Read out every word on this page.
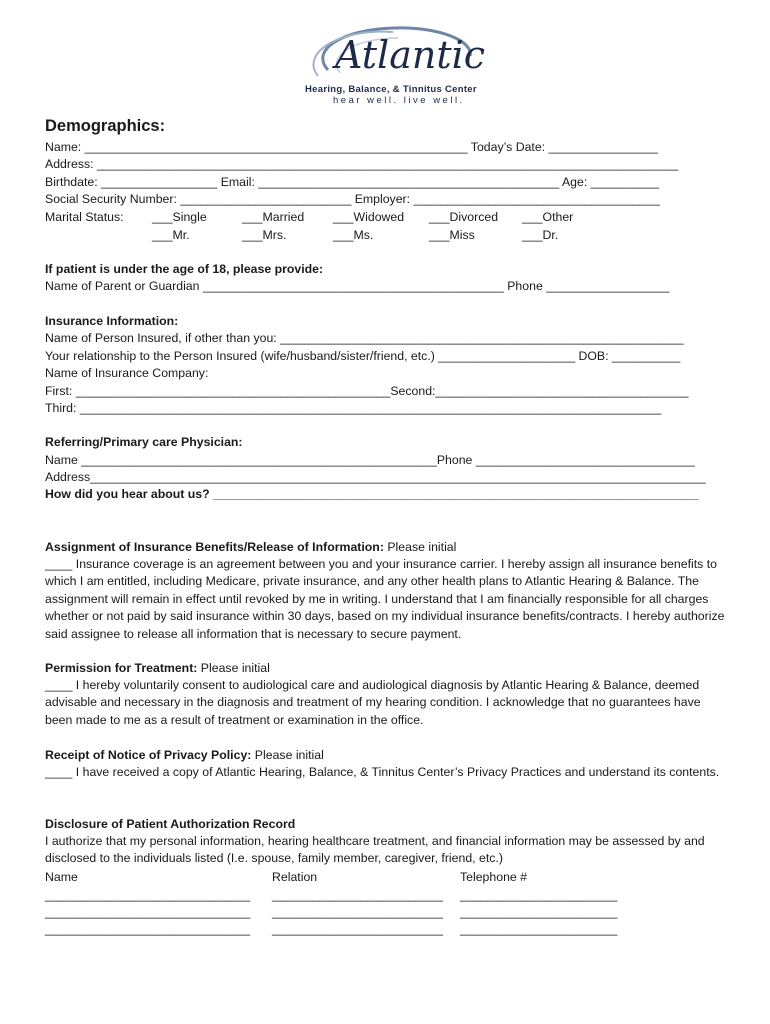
Atlantic
Hearing, Balance, & Tinnitus Center
hear well. live well.
Demographics:
Name: ________________________________________________________ Today’s Date: ________________
Address: _____________________________________________________________________________________
Birthdate: _________________ Email: ____________________________________________ Age: __________
Social Security Number: _________________________ Employer: ____________________________________
Marital Status: ___Single	___Married ___Widowed ___Divorced ___Other
___Mr.	___Mrs.	___Ms.	___Miss	___Dr.
If patient is under the age of 18, please provide:
Name of Parent or Guardian ____________________________________________ Phone __________________
Insurance Information:
Name of Person Insured, if other than you: ___________________________________________________________
Your relationship to the Person Insured (wife/husband/sister/friend, etc.) ____________________ DOB: __________
Name of Insurance Company:
First: ______________________________________________Second:_____________________________________
Third: _____________________________________________________________________________________
Referring/Primary care Physician:
Name ____________________________________________________Phone ________________________________
Address__________________________________________________________________________________________
How did you hear about us? _______________________________________________________________________
Assignment of Insurance Benefits/Release of Information: Please initial
____ Insurance coverage is an agreement between you and your insurance carrier. I hereby assign all insurance benefits to which I am entitled, including Medicare, private insurance, and any other health plans to Atlantic Hearing & Balance. The assignment will remain in effect until revoked by me in writing. I understand that I am financially responsible for all charges whether or not paid by said insurance within 30 days, based on my individual insurance benefits/contracts. I hereby authorize said assignee to release all information that is necessary to secure payment.
Permission for Treatment: Please initial
____ I hereby voluntarily consent to audiological care and audiological diagnosis by Atlantic Hearing & Balance, deemed advisable and necessary in the diagnosis and treatment of my hearing condition. I acknowledge that no guarantees have been made to me as a result of treatment or examination in the office.
Receipt of Notice of Privacy Policy: Please initial
____ I have received a copy of Atlantic Hearing, Balance, & Tinnitus Center’s Privacy Practices and understand its contents.
Disclosure of Patient Authorization Record
I authorize that my personal information, hearing healthcare treatment, and financial information may be assessed by and disclosed to the individuals listed (I.e. spouse, family member, caregiver, friend, etc.)
Name	Relation	Telephone #
______________________________ _________________________ _______________________
______________________________ _________________________ _______________________
______________________________ _________________________ _______________________
